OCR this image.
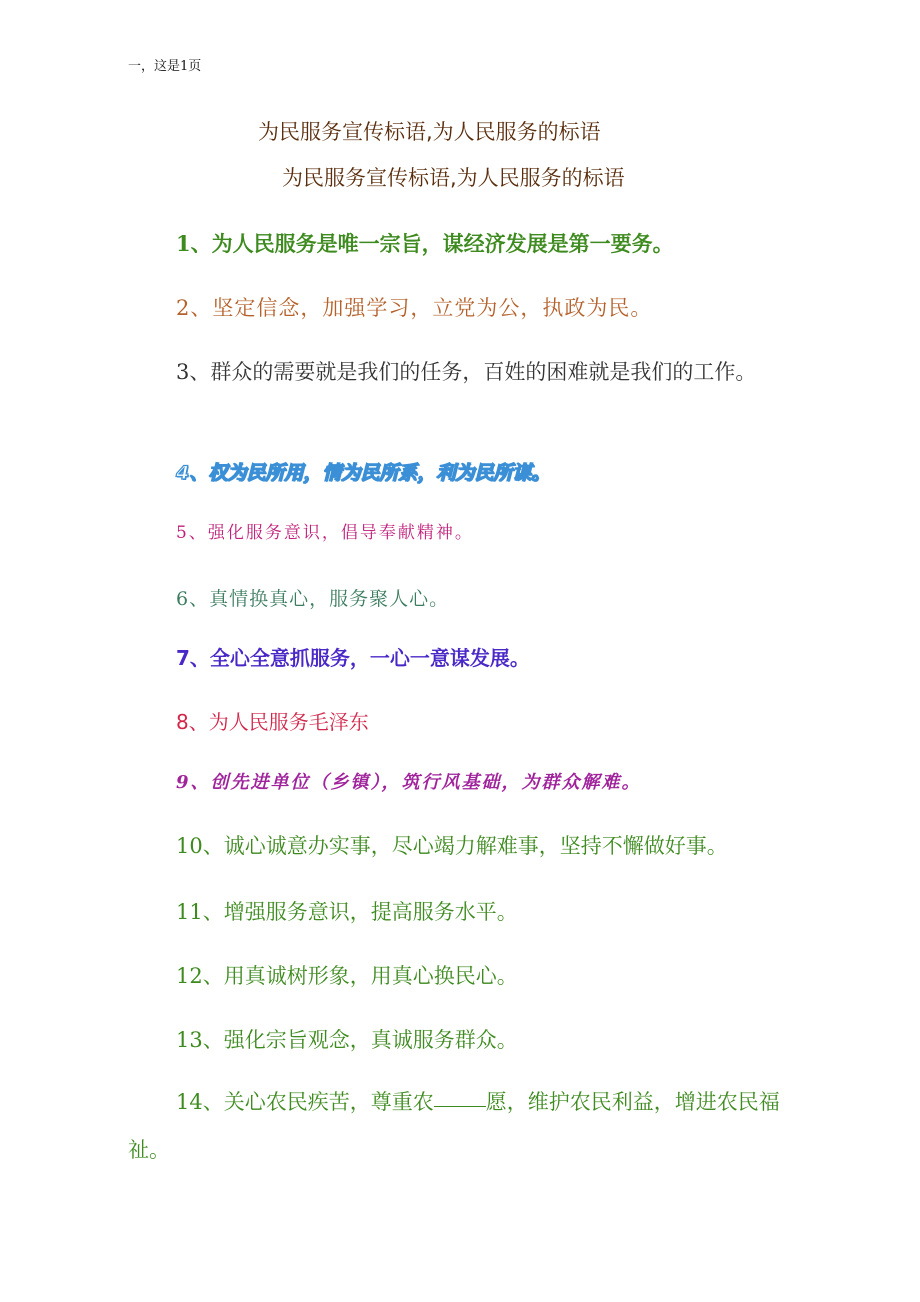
一，这是1页
为民服务宣传标语,为人民服务的标语
为民服务宣传标语,为人民服务的标语
1、为人民服务是唯一宗旨，谋经济发展是第一要务。
2、坚定信念，加强学习，立党为公，执政为民。
3、群众的需要就是我们的任务，百姓的困难就是我们的工作。
4、权为民所用，情为民所系，利为民所谋。
5、强化服务意识，倡导奉献精神。
6、真情换真心，服务聚人心。
7、全心全意抓服务，一心一意谋发展。
8、为人民服务毛泽东
9、创先进单位（乡镇），筑行风基础，为群众解难。
10、诚心诚意办实事，尽心竭力解难事，坚持不懈做好事。
11、增强服务意识，提高服务水平。
12、用真诚树形象，用真心换民心。
13、强化宗旨观念，真诚服务群众。
14、关心农民疾苦，尊重农 愿，维护农民利益，增进农民福祉。
